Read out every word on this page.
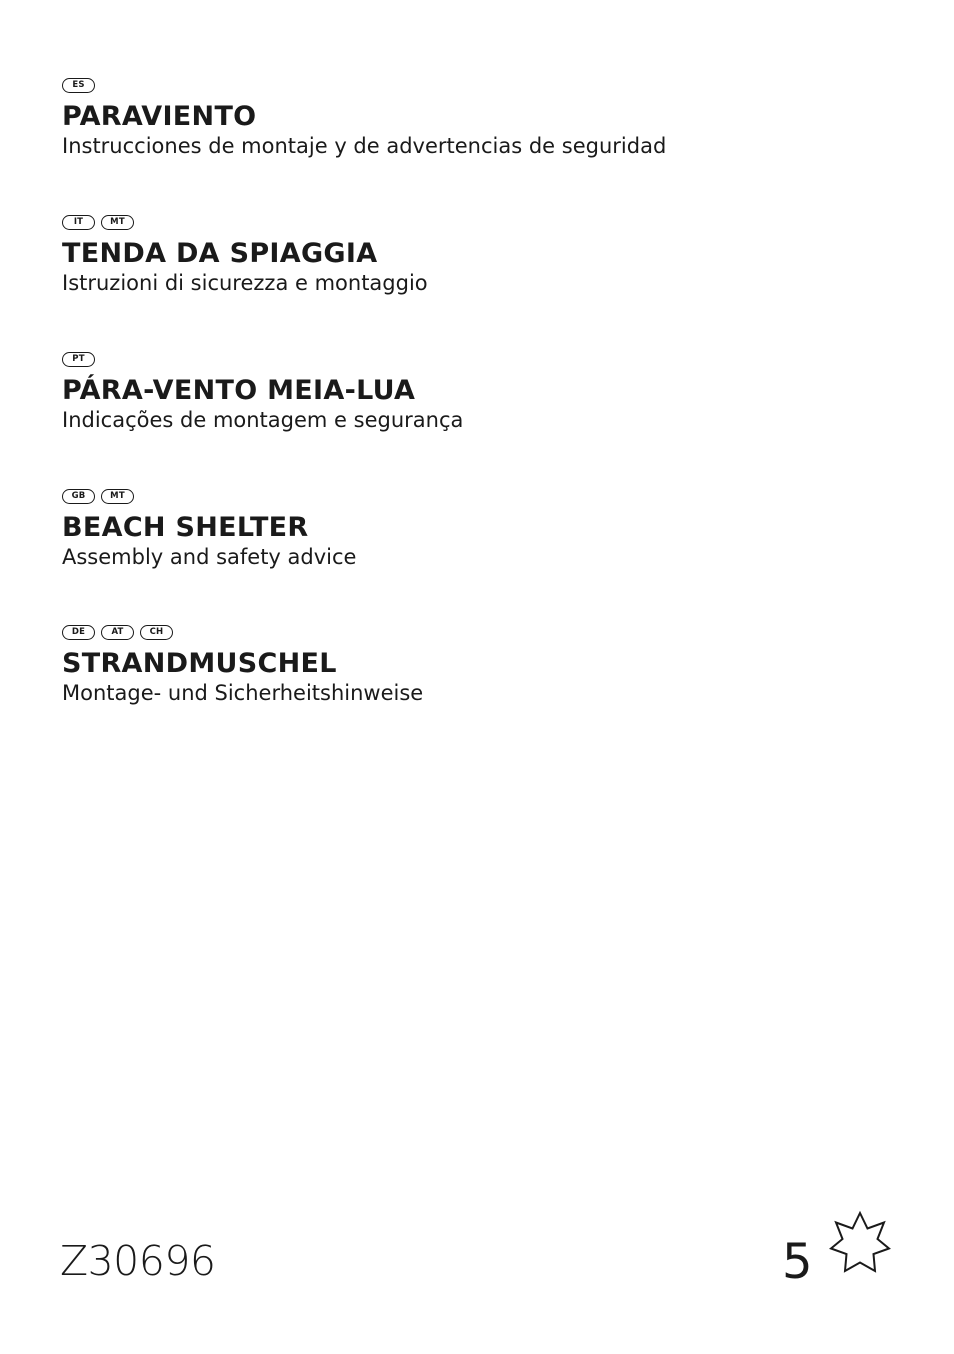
ES
PARAVIENTO
Instrucciones de montaje y de advertencias de seguridad
IT	MT
TENDA DA SPIAGGIA
Istruzioni di sicurezza e montaggio
PT
PÁRA-VENTO MEIA-LUA
Indicações de montagem e segurança
GB	MT
BEACH SHELTER
Assembly and safety advice
DE	AT	CH
STRANDMUSCHEL
Montage- und Sicherheitshinweise
Z30696	5
